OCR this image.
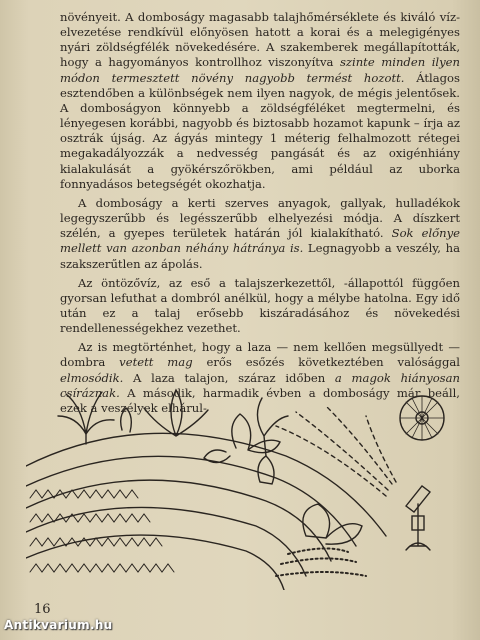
növényeit. A domboságy magasabb talajhőmérséklete és kiváló vízelvezetése rendkívül előnyösen hatott a korai és a melegigényes nyári zöldségfélék növekedésére. A szakemberek megállapították, hogy a hagyományos kontrollhoz viszonyítva szinte minden ilyen módon termesztett növény nagyobb termést hozott. Átlagos esztendőben a különbségek nem ilyen nagyok, de mégis jelentősek. A domboságyon könnyebb a zöldségféléket megtermelni, és lényegesen korábbi, nagyobb és biztosabb hozamot kapunk – írja az osztrák újság. Az ágyás mintegy 1 méterig felhalmozott rétegei megakadályozzák a nedvesség pangását és az oxigénhiány kialakulását a gyökérszőrökben, ami például az uborka fonnyadásos betegségét okozhatja.

A domboságy a kerti szerves anyagok, gallyak, hulladékok legegyszerűbb és legésszerűbb elhelyezési módja. A díszkert szélén, a gyepes területek határán jól kialakítható. Sok előnye mellett van azonban néhány hátránya is. Legnagyobb a veszély, ha szakszerűtlen az ápolás.

Az öntözővíz, az eső a talajszerkezettől, -állapottól függően gyorsan lefuthat a dombról anélkül, hogy a mélybe hatolna. Egy idő után ez a talaj erősebb kiszáradásához és növekedési rendellenességekhez vezethet.

Az is megtörténhet, hogy a laza — nem kellően megsüllyedt — dombra vetett mag erős esőzés következtében valósággal elmosódik. A laza talajon, száraz időben a magok hiányosan csíráznak. A második, harmadik évben a domboságy már beáll, ezek a veszélyek elhárul-

16
Antikvarium.hu
